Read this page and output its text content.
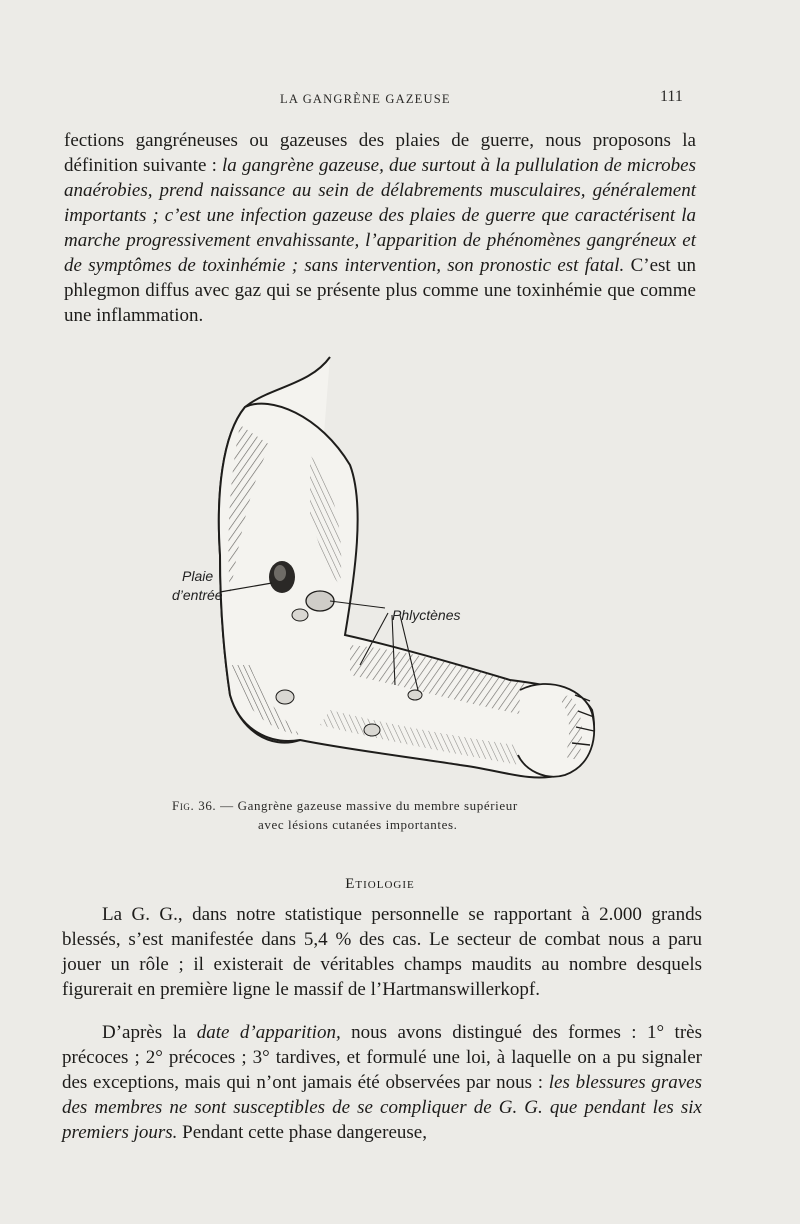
LA GANGRÈNE GAZEUSE	111

fections gangréneuses ou gazeuses des plaies de guerre, nous proposons la définition suivante : la gangrène gazeuse, due surtout à la pullulation de microbes anaérobies, prend naissance au sein de délabrements musculaires, généralement importants ; c’est une infection gazeuse des plaies de guerre que caractérisent la marche progressivement envahissante, l’apparition de phénomènes gangréneux et de symptômes de toxinhémie ; sans intervention, son pronostic est fatal. C’est un phlegmon diffus avec gaz qui se présente plus comme une toxinhémie que comme une inflammation.

Plaie
d’entrée
Phlyctènes
Fig. 36. — Gangrène gazeuse massive du membre supérieur
avec lésions cutanées importantes.
Etiologie

La G. G., dans notre statistique personnelle se rapportant à 2.000 grands blessés, s’est manifestée dans 5,4 % des cas. Le secteur de combat nous a paru jouer un rôle ; il existerait de véritables champs maudits au nombre desquels figurerait en première ligne le massif de l’Hartmanswillerkopf.

D’après la date d’apparition, nous avons distingué des formes : 1° très précoces ; 2° précoces ; 3° tardives, et formulé une loi, à laquelle on a pu signaler des exceptions, mais qui n’ont jamais été observées par nous : les blessures graves des membres ne sont susceptibles de se compliquer de G. G. que pendant les six premiers jours. Pendant cette phase dangereuse,
